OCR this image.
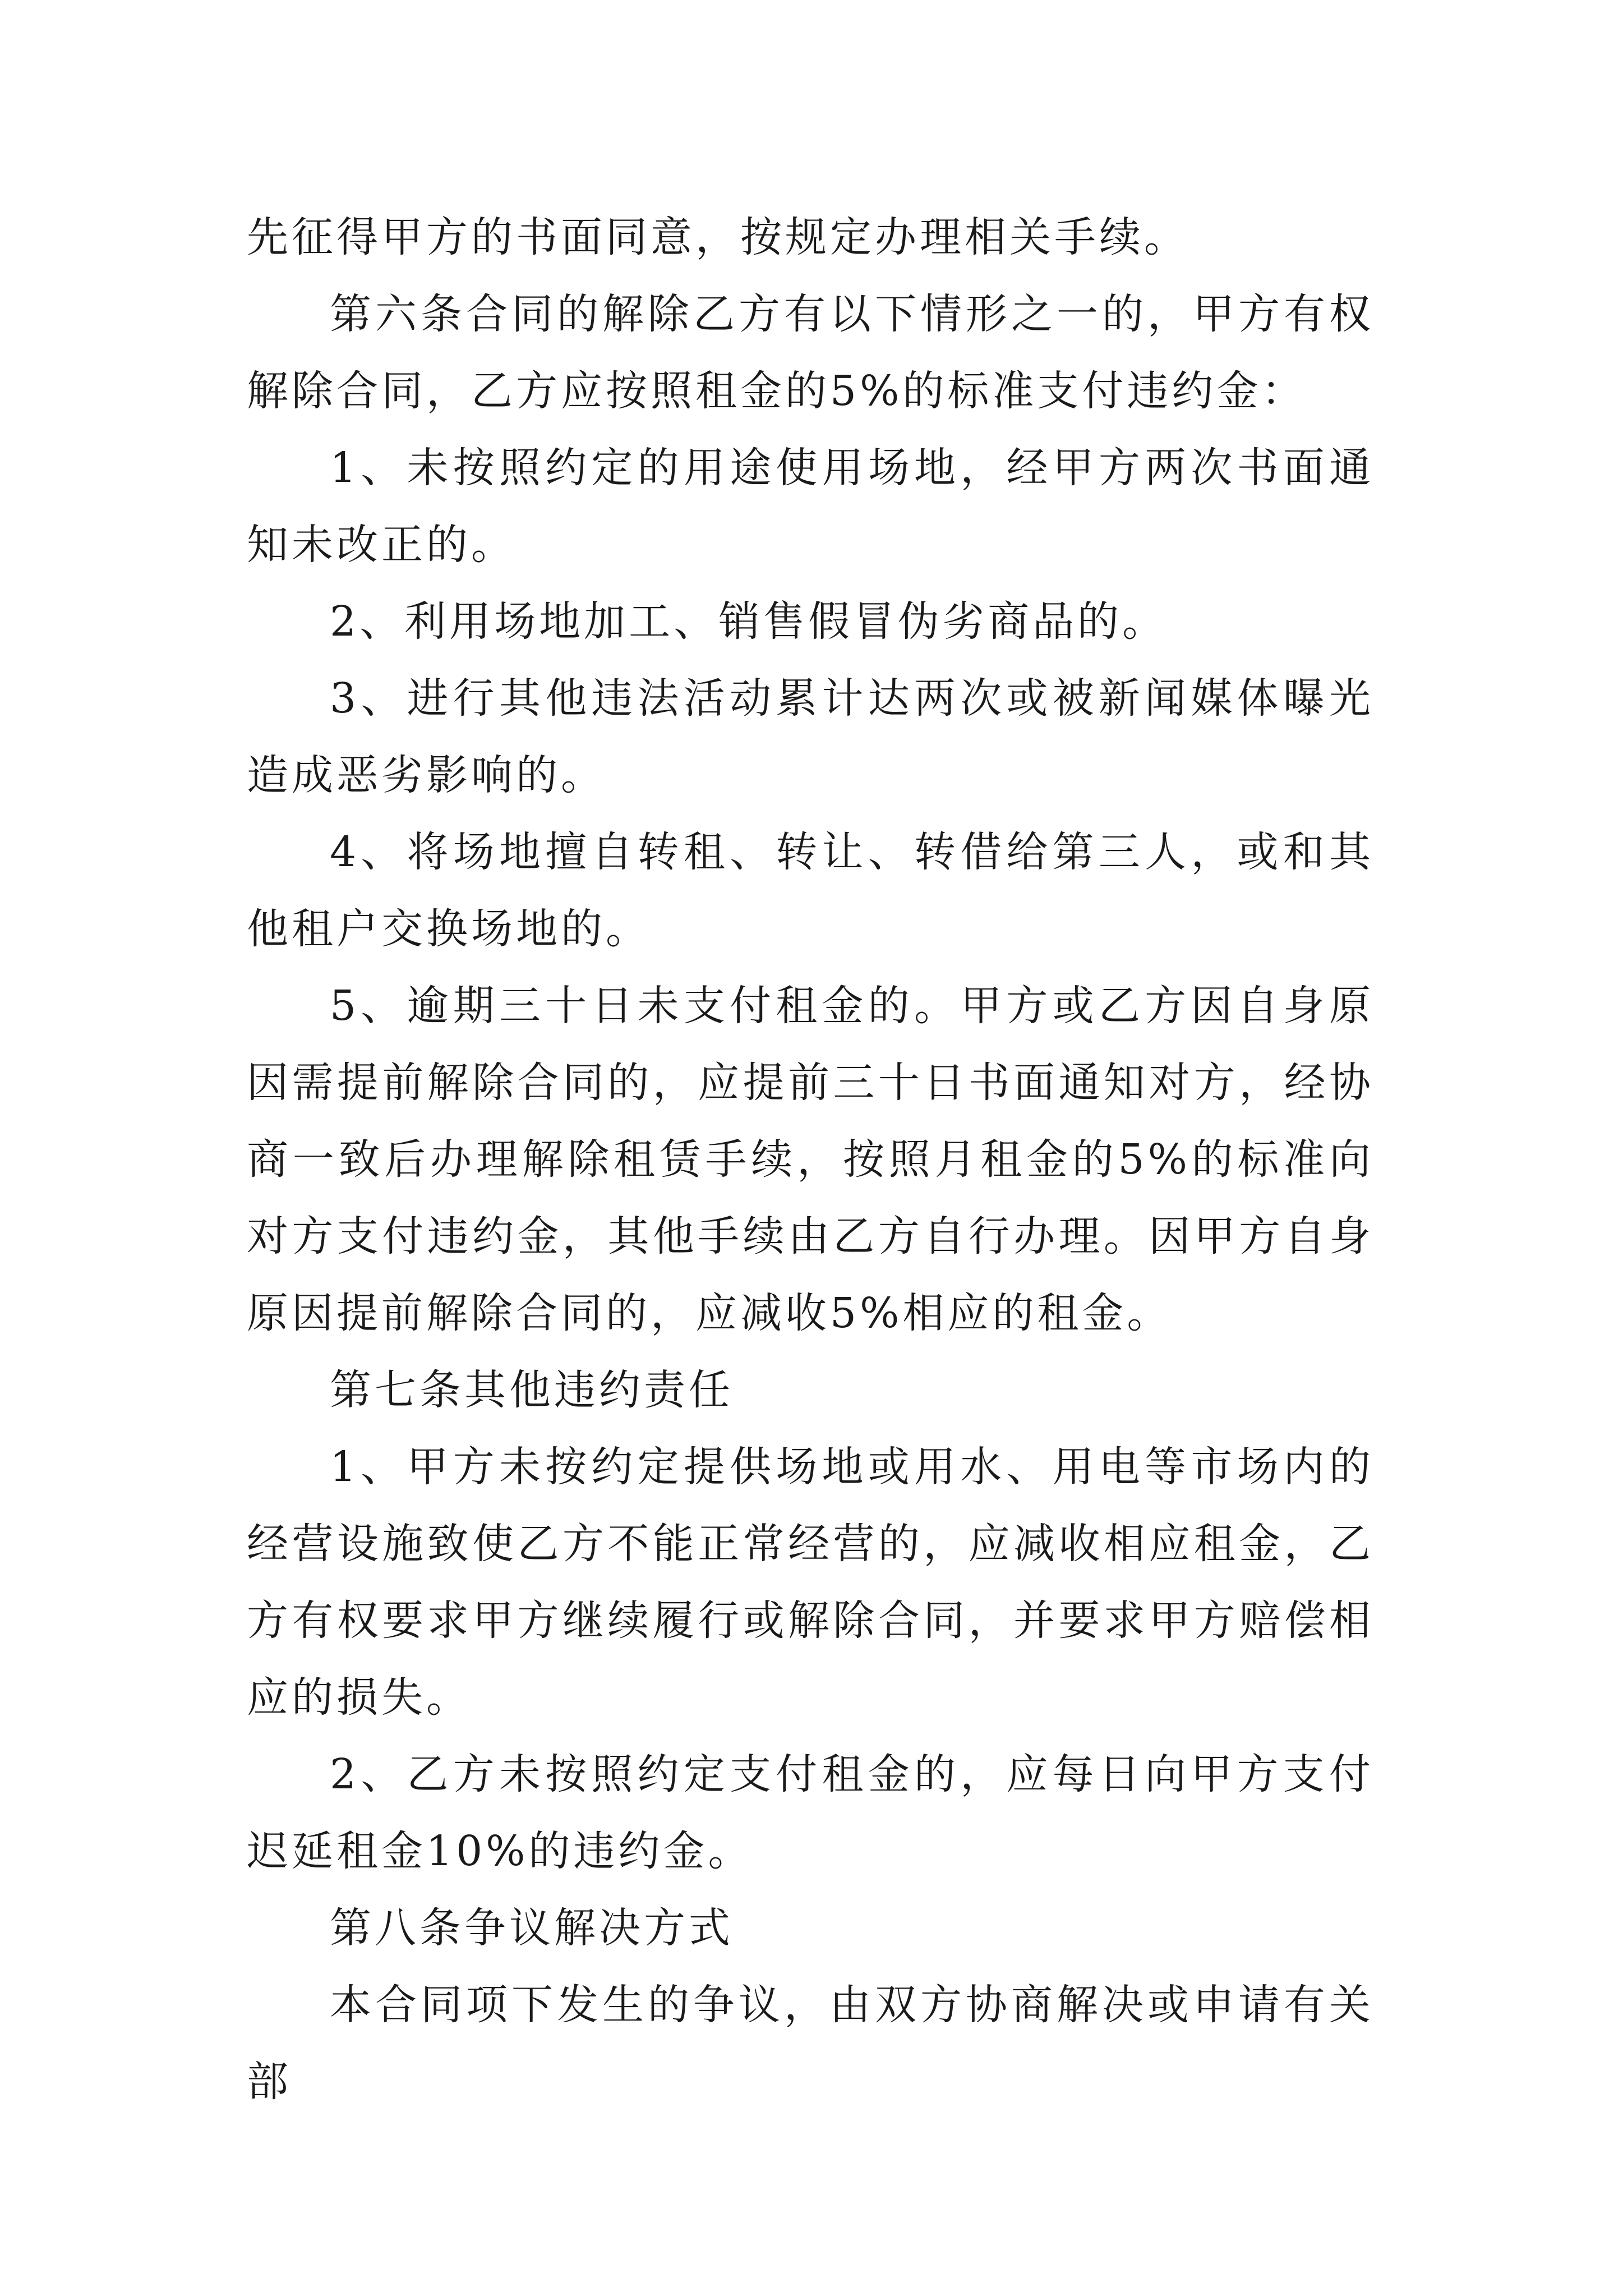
先征得甲方的书面同意，按规定办理相关手续。

第六条合同的解除乙方有以下情形之一的，甲方有权解除合同，乙方应按照租金的5%的标准支付违约金：

1、未按照约定的用途使用场地，经甲方两次书面通知未改正的。

2、利用场地加工、销售假冒伪劣商品的。

3、进行其他违法活动累计达两次或被新闻媒体曝光造成恶劣影响的。

4、将场地擅自转租、转让、转借给第三人，或和其他租户交换场地的。

5、逾期三十日未支付租金的。甲方或乙方因自身原因需提前解除合同的，应提前三十日书面通知对方，经协商一致后办理解除租赁手续，按照月租金的5%的标准向对方支付违约金，其他手续由乙方自行办理。因甲方自身原因提前解除合同的，应减收5%相应的租金。

第七条其他违约责任

1、甲方未按约定提供场地或用水、用电等市场内的经营设施致使乙方不能正常经营的，应减收相应租金，乙方有权要求甲方继续履行或解除合同，并要求甲方赔偿相应的损失。

2、乙方未按照约定支付租金的，应每日向甲方支付迟延租金10%的违约金。

第八条争议解决方式

本合同项下发生的争议，由双方协商解决或申请有关部
